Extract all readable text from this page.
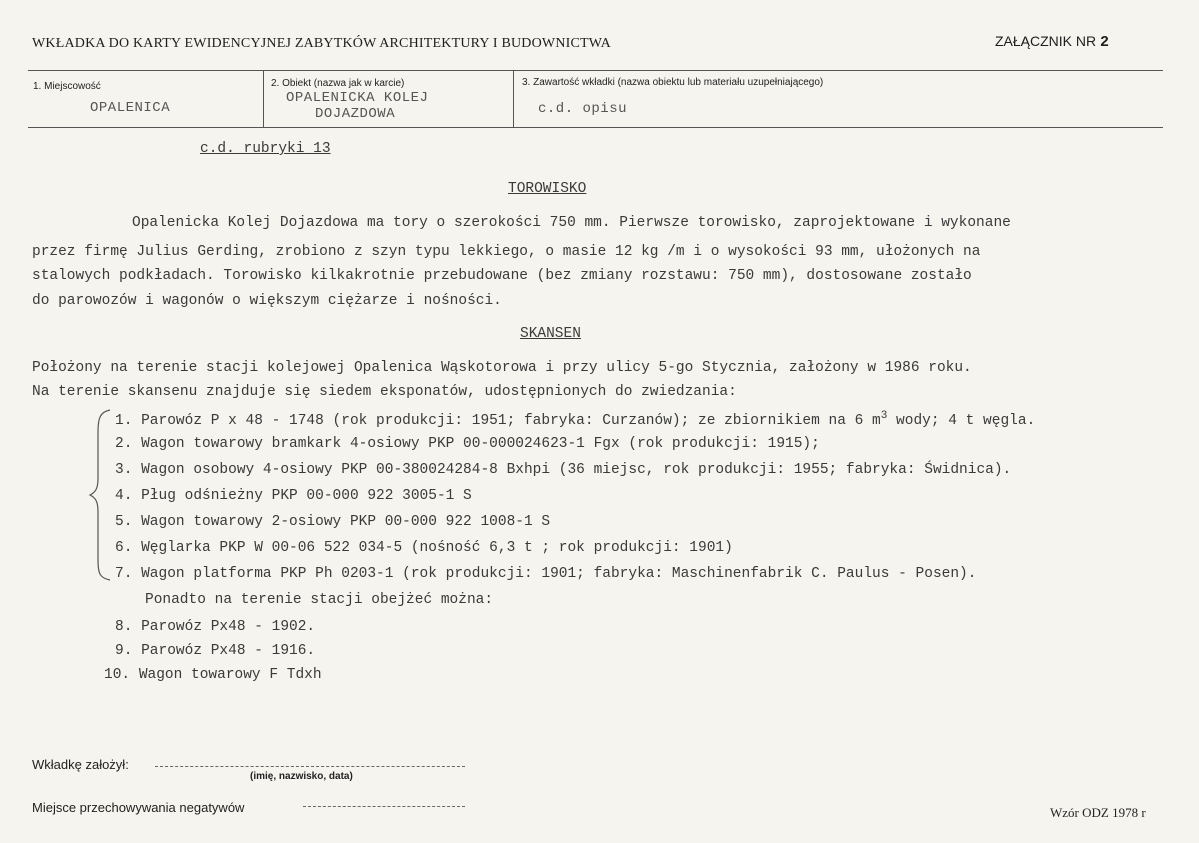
WKŁADKA DO KARTY EWIDENCYJNEJ ZABYTKÓW ARCHITEKTURY I BUDOWNICTWA	ZAŁĄCZNIK NR 2
1. Miejscowość
OPALENICA
2. Obiekt (nazwa jak w karcie)
OPALENICKA KOLEJ
DOJAZDOWA
3. Zawartość wkładki (nazwa obiektu lub materiału uzupełniającego)
c.d. opisu
c.d. rubryki 13
TOROWISKO
Opalenicka Kolej Dojazdowa ma tory o szerokości 750 mm. Pierwsze torowisko, zaprojektowane i wykonane
przez firmę Julius Gerding, zrobiono z szyn typu lekkiego, o masie 12 kg /m i o wysokości 93 mm, ułożonych na
stalowych podkładach. Torowisko kilkakrotnie przebudowane (bez zmiany rozstawu: 750 mm), dostosowane zostało
do parowozów i wagonów o większym ciężarze i nośności.
SKANSEN
Położony na terenie stacji kolejowej Opalenica Wąskotorowa i przy ulicy 5-go Stycznia, założony w 1986 roku.
Na terenie skansenu znajduje się siedem eksponatów, udostępnionych do zwiedzania:
1. Parowóz P x 48 - 1748 (rok produkcji: 1951; fabryka: Curzanów); ze zbiornikiem na 6 $m^3$ wody; 4 t węgla.
2. Wagon towarowy bramkark 4-osiowy PKP 00-000024623-1 Fgx (rok produkcji: 1915);
3. Wagon osobowy 4-osiowy PKP 00-380024284-8 Bxhpi (36 miejsc, rok produkcji: 1955; fabryka: Świdnica).
4. Pług odśnieżny PKP 00-000 922 3005-1 S
5. Wagon towarowy 2-osiowy PKP 00-000 922 1008-1 S
6. Węglarka PKP W 00-06 522 034-5 (nośność 6,3 t ; rok produkcji: 1901)
7. Wagon platforma PKP Ph 0203-1 (rok produkcji: 1901; fabryka: Maschinenfabrik C. Paulus - Posen).
Ponadto na terenie stacji obejżeć można:
8. Parowóz Px48 - 1902.
9. Parowóz Px48 - 1916.
10. Wagon towarowy F Tdxh
Wkładkę założył:
(imię, nazwisko, data)
Miejsce przechowywania negatywów	Wzór ODZ 1978 r
